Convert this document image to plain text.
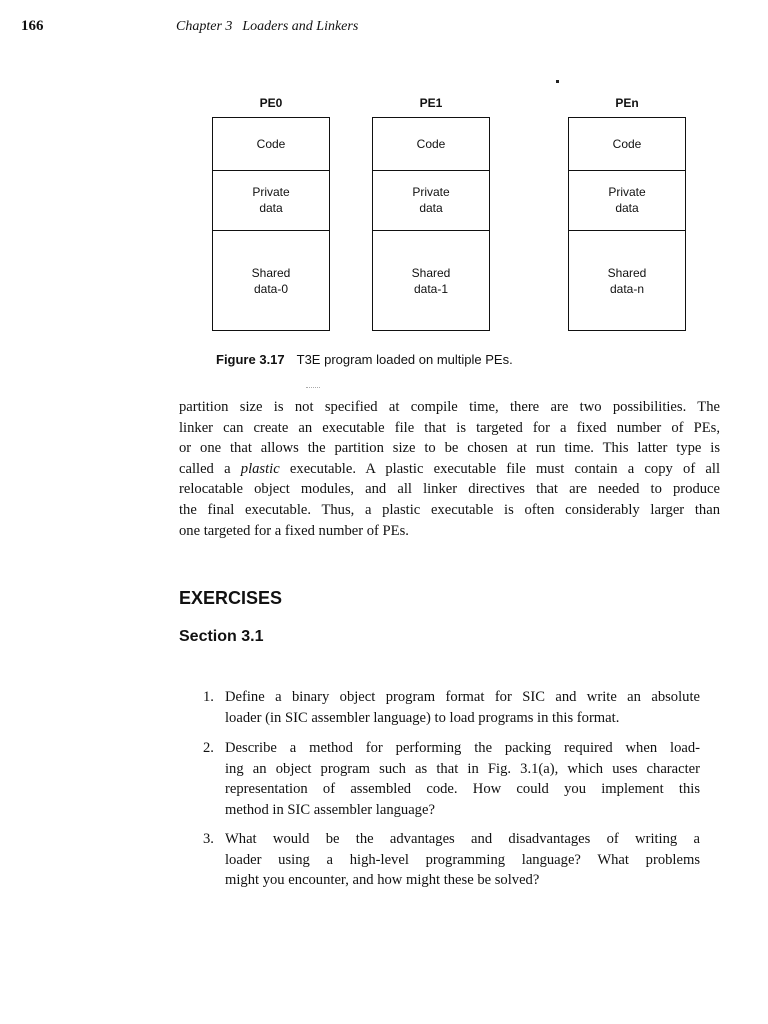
166	Chapter 3 Loaders and Linkers
PE0
Code
Private
data
Shared
data-0
PE1
Code
Private
data
Shared
data-1
PEn
Code
Private
data
Shared
data-n
Figure 3.17 T3E program loaded on multiple PEs.
partition size is not specified at compile time, there are two possibilities. The
linker can create an executable file that is targeted for a fixed number of PEs,
or one that allows the partition size to be chosen at run time. This latter type is
called a plastic executable. A plastic executable file must contain a copy of all
relocatable object modules, and all linker directives that are needed to produce
the final executable. Thus, a plastic executable is often considerably larger than
one targeted for a fixed number of PEs.
EXERCISES
Section 3.1
1. Define a binary object program format for SIC and write an absolute
loader (in SIC assembler language) to load programs in this format.
2. Describe a method for performing the packing required when load-
ing an object program such as that in Fig. 3.1(a), which uses character
representation of assembled code. How could you implement this
method in SIC assembler language?
3. What would be the advantages and disadvantages of writing a
loader using a high-level programming language? What problems
might you encounter, and how might these be solved?
